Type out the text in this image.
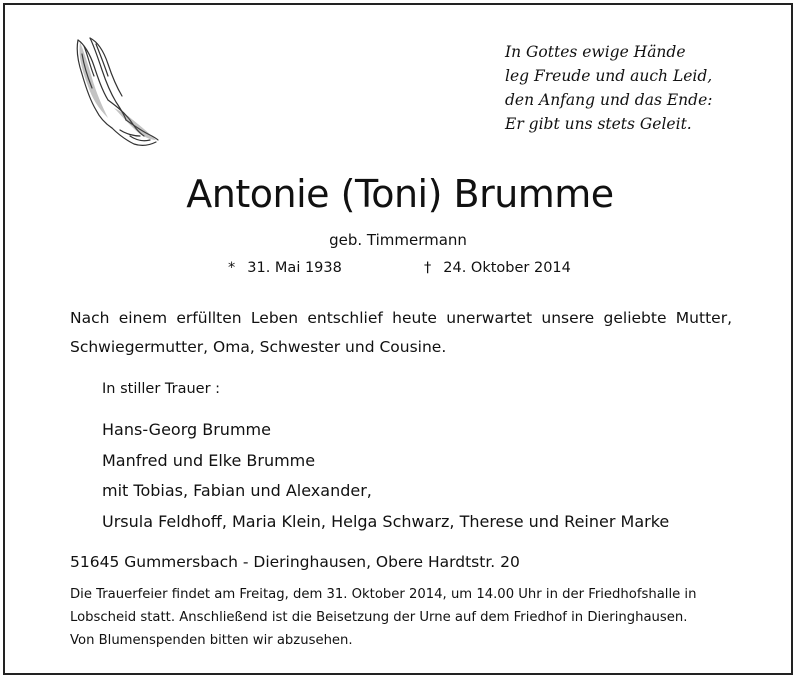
In Gottes ewige Hände
leg Freude und auch Leid,
den Anfang und das Ende:
Er gibt uns stets Geleit.
Antonie (Toni) Brumme
geb. Timmermann
* 31. Mai 1938	† 24. Oktober 2014
Nach einem erfüllten Leben entschlief heute unerwartet unsere geliebte Mutter, Schwiegermutter, Oma, Schwester und Cousine.
In stiller Trauer :
Hans-Georg Brumme
Manfred und Elke Brumme
mit Tobias, Fabian und Alexander,
Ursula Feldhoff, Maria Klein, Helga Schwarz, Therese und Reiner Marke
51645 Gummersbach - Dieringhausen, Obere Hardtstr. 20
Die Trauerfeier findet am Freitag, dem 31. Oktober 2014, um 14.00 Uhr in der Friedhofshalle in
Lobscheid statt. Anschließend ist die Beisetzung der Urne auf dem Friedhof in Dieringhausen.
Von Blumenspenden bitten wir abzusehen.
